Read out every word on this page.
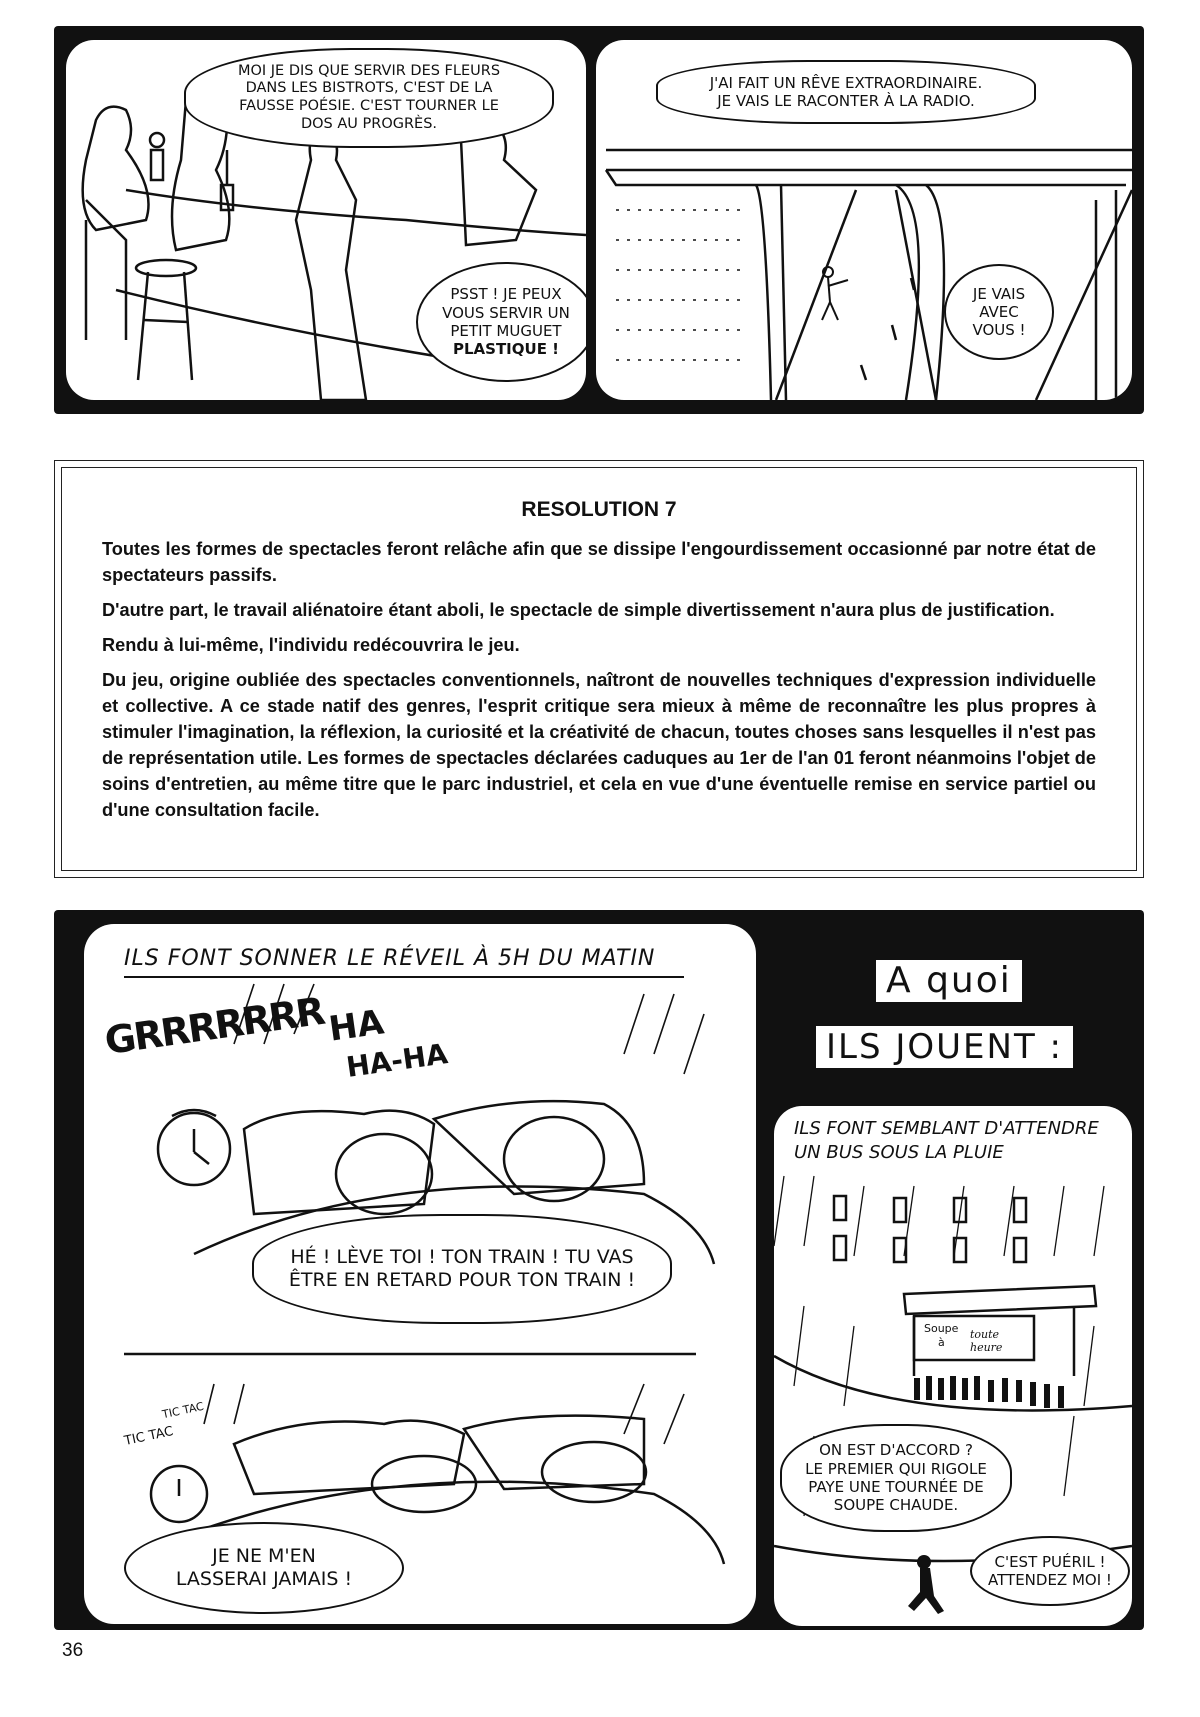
MOI JE DIS QUE SERVIR DES FLEURS
DANS LES BISTROTS, C'EST DE LA
FAUSSE POÉSIE. C'EST TOURNER LE
DOS AU PROGRÈS.
PSST ! JE PEUX
VOUS SERVIR UN
PETIT MUGUET
PLASTIQUE !
J'AI FAIT UN RÊVE EXTRAORDINAIRE.
JE VAIS LE RACONTER À LA RADIO.
JE VAIS
AVEC
VOUS !
RESOLUTION 7

Toutes les formes de spectacles feront relâche afin que se dissipe l'engourdissement occasionné par notre état de spectateurs passifs.

D'autre part, le travail aliénatoire étant aboli, le spectacle de simple divertissement n'aura plus de justification.

Rendu à lui-même, l'individu redécouvrira le jeu.

Du jeu, origine oubliée des spectacles conventionnels, naîtront de nouvelles techniques d'expression individuelle et collective. A ce stade natif des genres, l'esprit critique sera mieux à même de reconnaître les plus propres à stimuler l'imagination, la réflexion, la curiosité et la créativité de chacun, toutes choses sans lesquelles il n'est pas de représentation utile. Les formes de spectacles déclarées caduques au 1er de l'an 01 feront néanmoins l'objet de soins d'entretien, au même titre que le parc industriel, et cela en vue d'une éventuelle remise en service partiel ou d'une consultation facile.

ILS FONT SONNER LE RÉVEIL À 5H DU MATIN
GRRRRRRR HA
HA-HA
HÉ ! LÈVE TOI ! TON TRAIN ! TU VAS
ÊTRE EN RETARD POUR TON TRAIN !
TIC TAC
TIC TAC
JE NE M'EN
LASSERAI JAMAIS !
A quoi
ILS JOUENT :
ILS FONT SEMBLANT D'ATTENDRE
UN BUS SOUS LA PLUIE
Soupe
à
toute heure
ON EST D'ACCORD ?
LE PREMIER QUI RIGOLE
PAYE UNE TOURNÉE DE
SOUPE CHAUDE.
C'EST PUÉRIL !
ATTENDEZ MOI !
36
